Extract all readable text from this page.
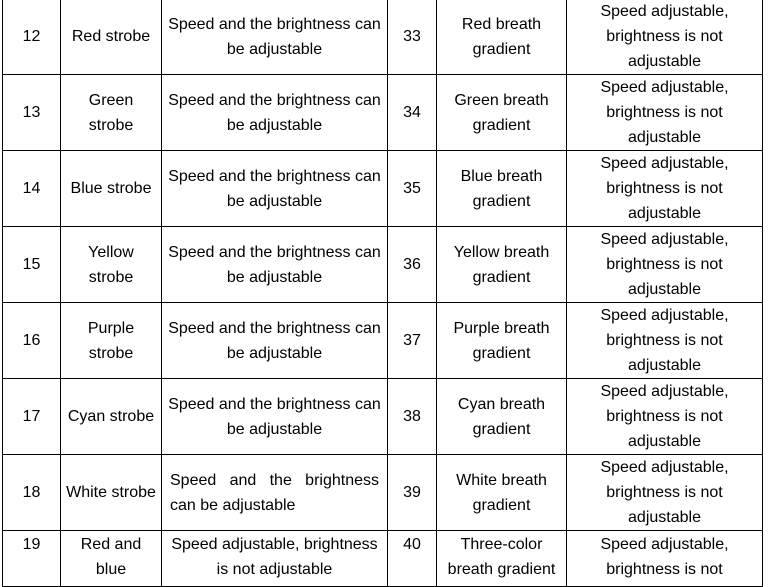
12	Red strobe	Speed and the brightness can be adjustable	33	Red breath gradient	Speed adjustable, brightness is not adjustable
13	Green strobe	Speed and the brightness can be adjustable	34	Green breath gradient	Speed adjustable, brightness is not adjustable
14	Blue strobe	Speed and the brightness can be adjustable	35	Blue breath gradient	Speed adjustable, brightness is not adjustable
15	Yellow strobe	Speed and the brightness can be adjustable	36	Yellow breath gradient	Speed adjustable, brightness is not adjustable
16	Purple strobe	Speed and the brightness can be adjustable	37	Purple breath gradient	Speed adjustable, brightness is not adjustable
17	Cyan strobe	Speed and the brightness can be adjustable	38	Cyan breath gradient	Speed adjustable, brightness is not adjustable
18	White strobe	Speed and the brightness can be adjustable	39	White breath gradient	Speed adjustable, brightness is not adjustable
19	Red and blue	Speed adjustable, brightness is not adjustable	40	Three-color breath gradient	Speed adjustable, brightness is not
